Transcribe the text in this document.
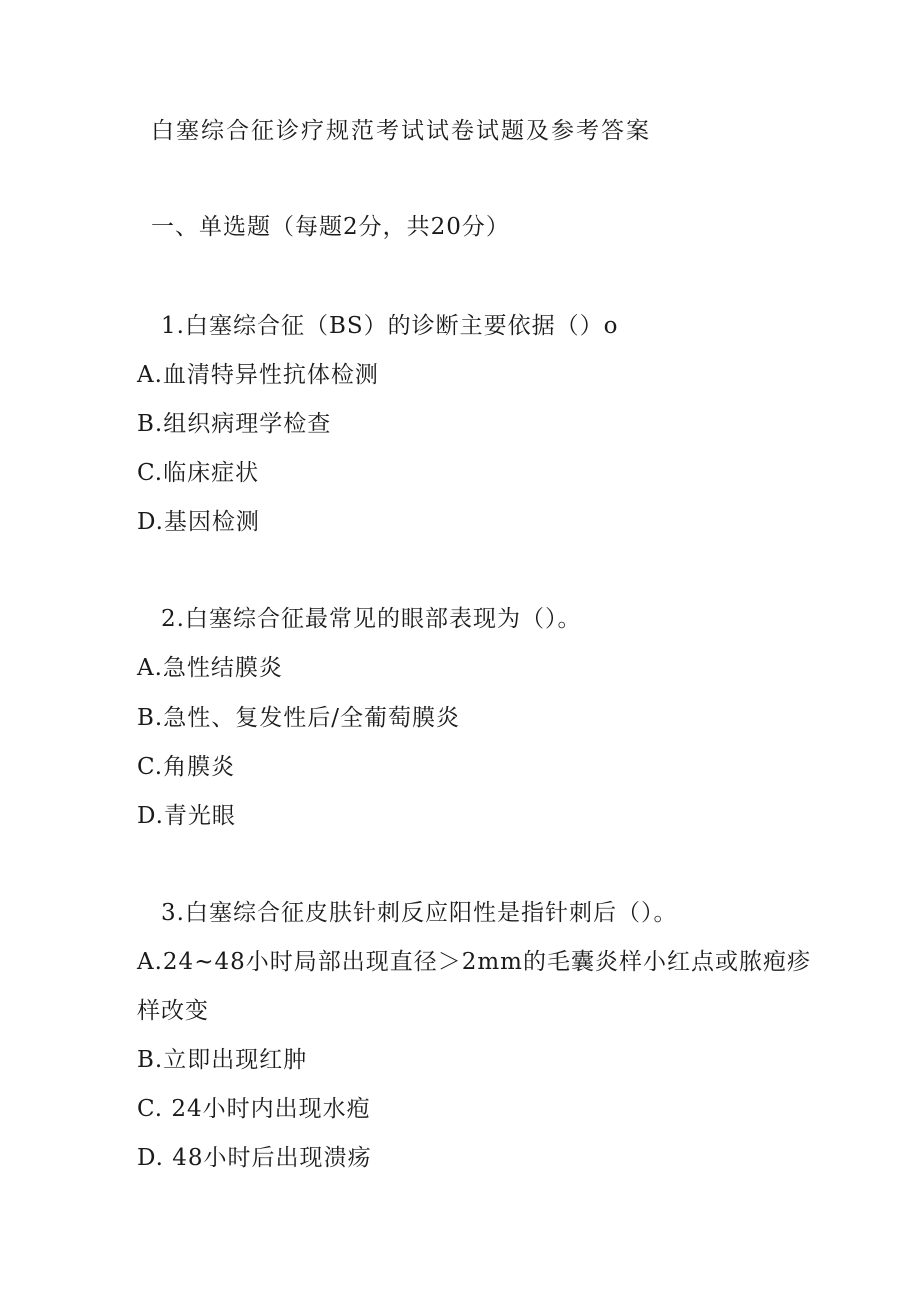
白塞综合征诊疗规范考试试卷试题及参考答案
一、单选题（每题2分，共20分）
1.白塞综合征（BS）的诊断主要依据（）o
A.血清特异性抗体检测
B.组织病理学检查
C.临床症状
D.基因检测
2.白塞综合征最常见的眼部表现为（）。
A.急性结膜炎
B.急性、复发性后/全葡萄膜炎
C.角膜炎
D.青光眼
3.白塞综合征皮肤针刺反应阳性是指针刺后（）。
A.24~48小时局部出现直径＞2mm的毛囊炎样小红点或脓疱疹
样改变
B.立即出现红肿
C. 24小时内出现水疱
D. 48小时后出现溃疡
